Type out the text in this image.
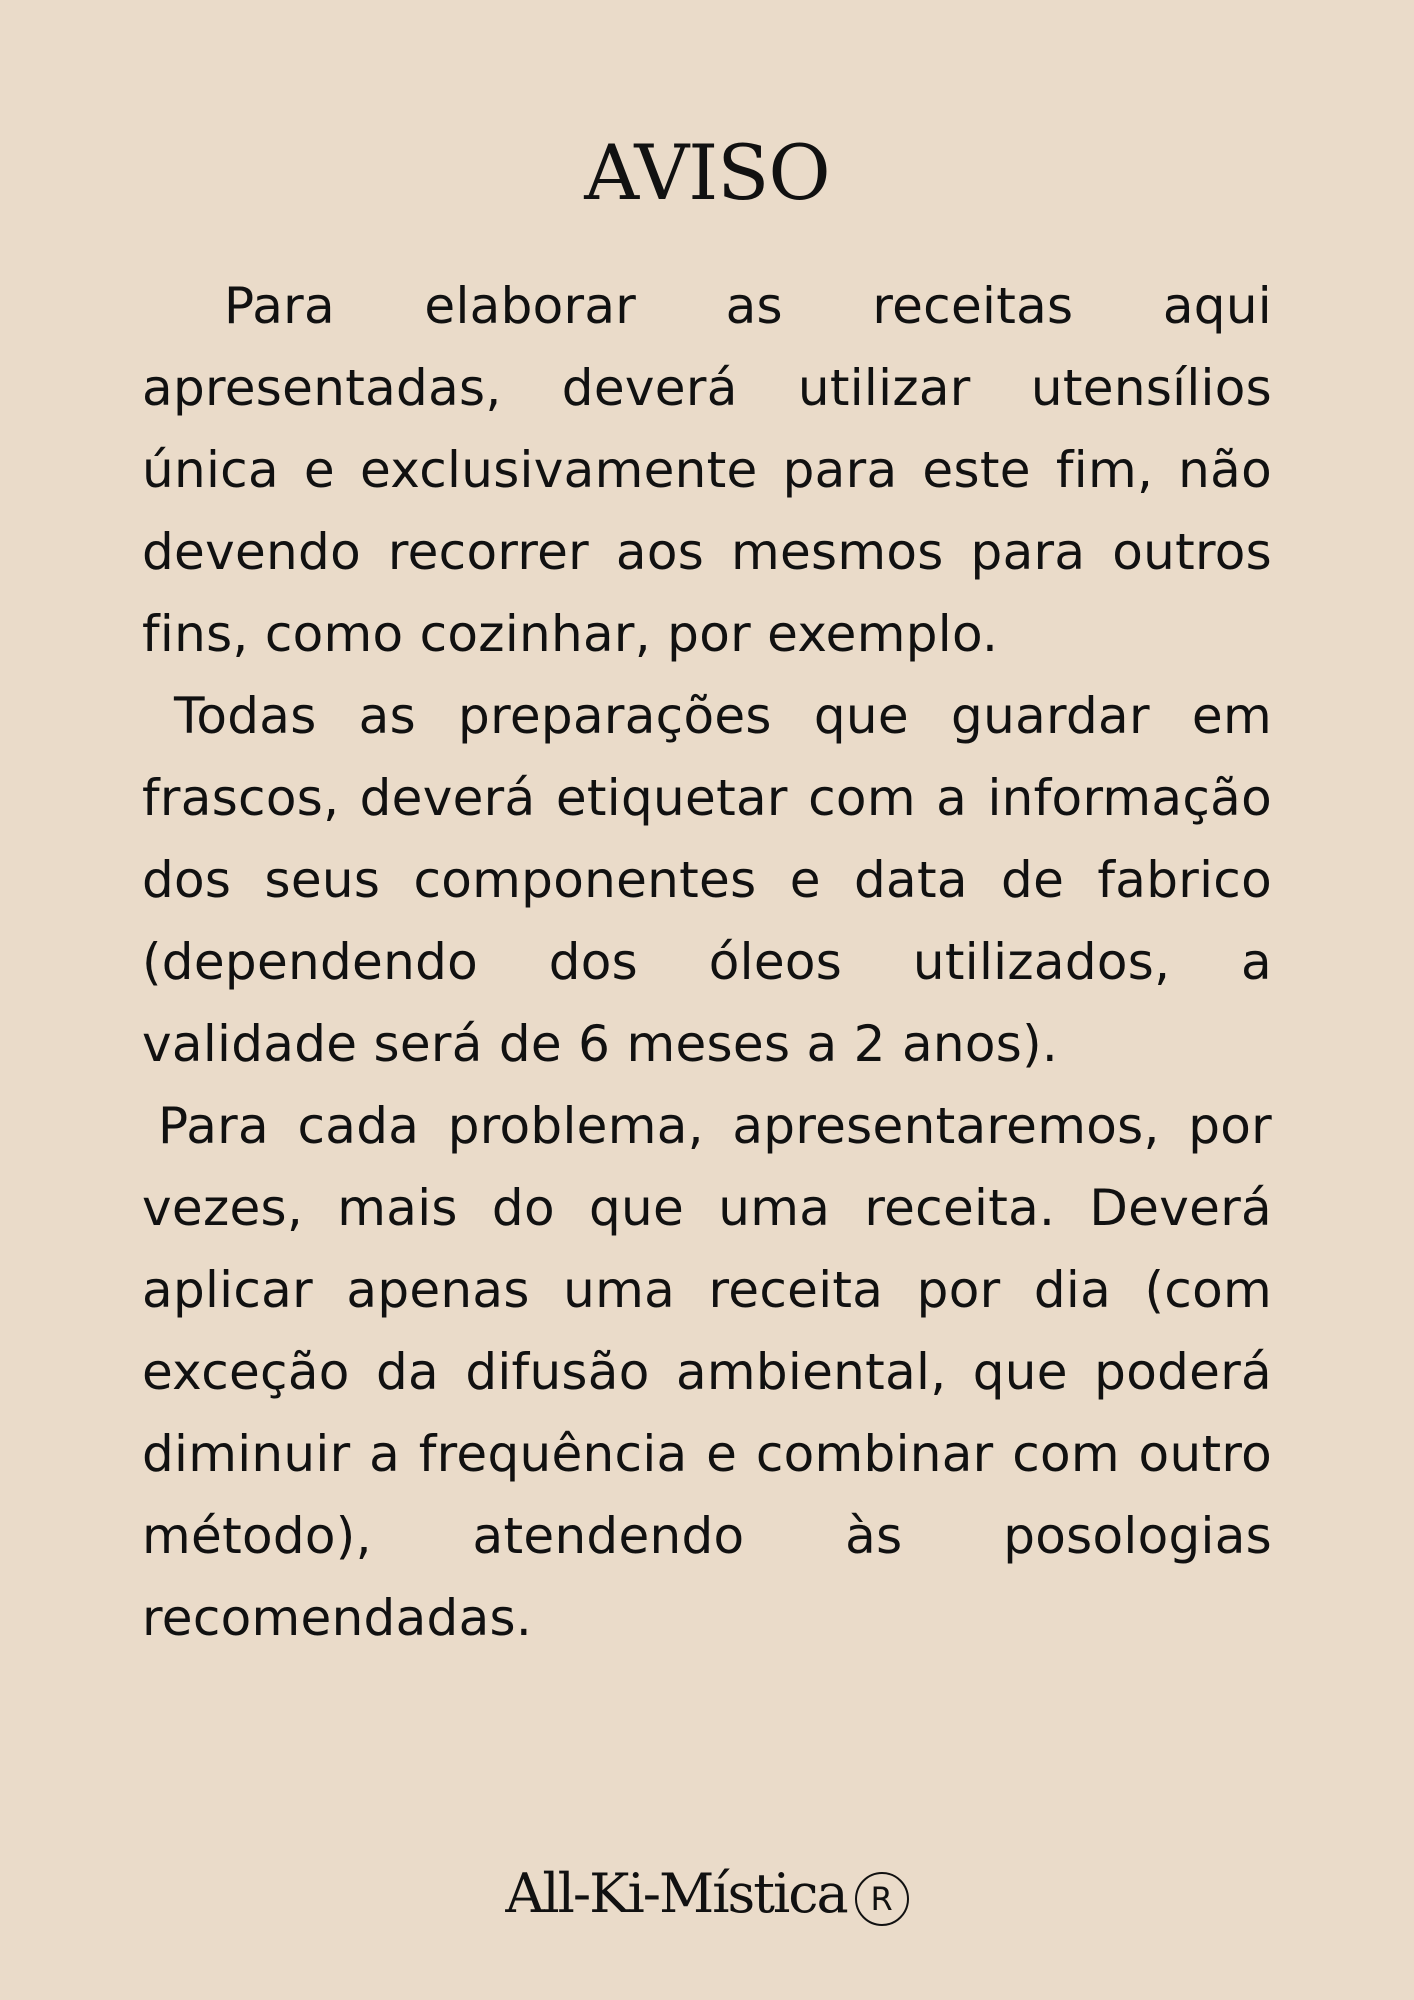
AVISO

Para elaborar as receitas aqui apresentadas, deverá utilizar utensílios única e exclusivamente para este fim, não devendo recorrer aos mesmos para outros fins, como cozinhar, por exemplo.

Todas as preparações que guardar em frascos, deverá etiquetar com a informação dos seus componentes e data de fabrico (dependendo dos óleos utilizados, a validade será de 6 meses a 2 anos).

Para cada problema, apresentaremos, por vezes, mais do que uma receita. Deverá aplicar apenas uma receita por dia (com exceção da difusão ambiental, que poderá diminuir a frequência e combinar com outro método), atendendo às posologias recomendadas.

All-Ki-Mística R
